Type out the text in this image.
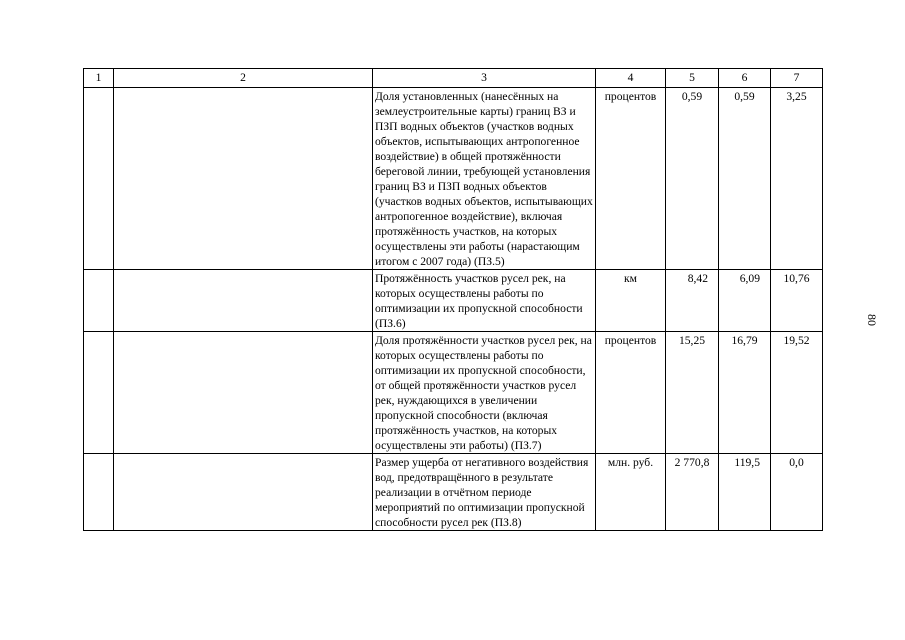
1	2	3	4	5	6	7
		Доля установленных (нанесённых на землеустроительные карты) границ ВЗ и ПЗП водных объектов (участков водных объектов, испытывающих антропогенное воздействие) в общей протяжённости береговой линии, требующей установления границ ВЗ и ПЗП водных объектов (участков водных объектов, испытывающих антропогенное воздействие), включая протяжённость участков, на которых осуществлены эти работы (нарастающим итогом с 2007 года) (ПЗ.5)	процентов	0,59	0,59	3,25
		Протяжённость участков русел рек, на которых осуществлены работы по оптимизации их пропускной способности (ПЗ.6)	км	8,42	6,09	10,76
		Доля протяжённости участков русел рек, на которых осуществлены работы по оптимизации их пропускной способности, от общей протяжённости участков русел рек, нуждающихся в увеличении пропускной способности (включая протяжённость участков, на которых осуществлены эти работы) (ПЗ.7)	процентов	15,25	16,79	19,52
		Размер ущерба от негативного воздействия вод, предотвращённого в результате реализации в отчётном периоде мероприятий по оптимизации пропускной способности русел рек (ПЗ.8)	млн. руб.	2 770,8	119,5	0,0
80
